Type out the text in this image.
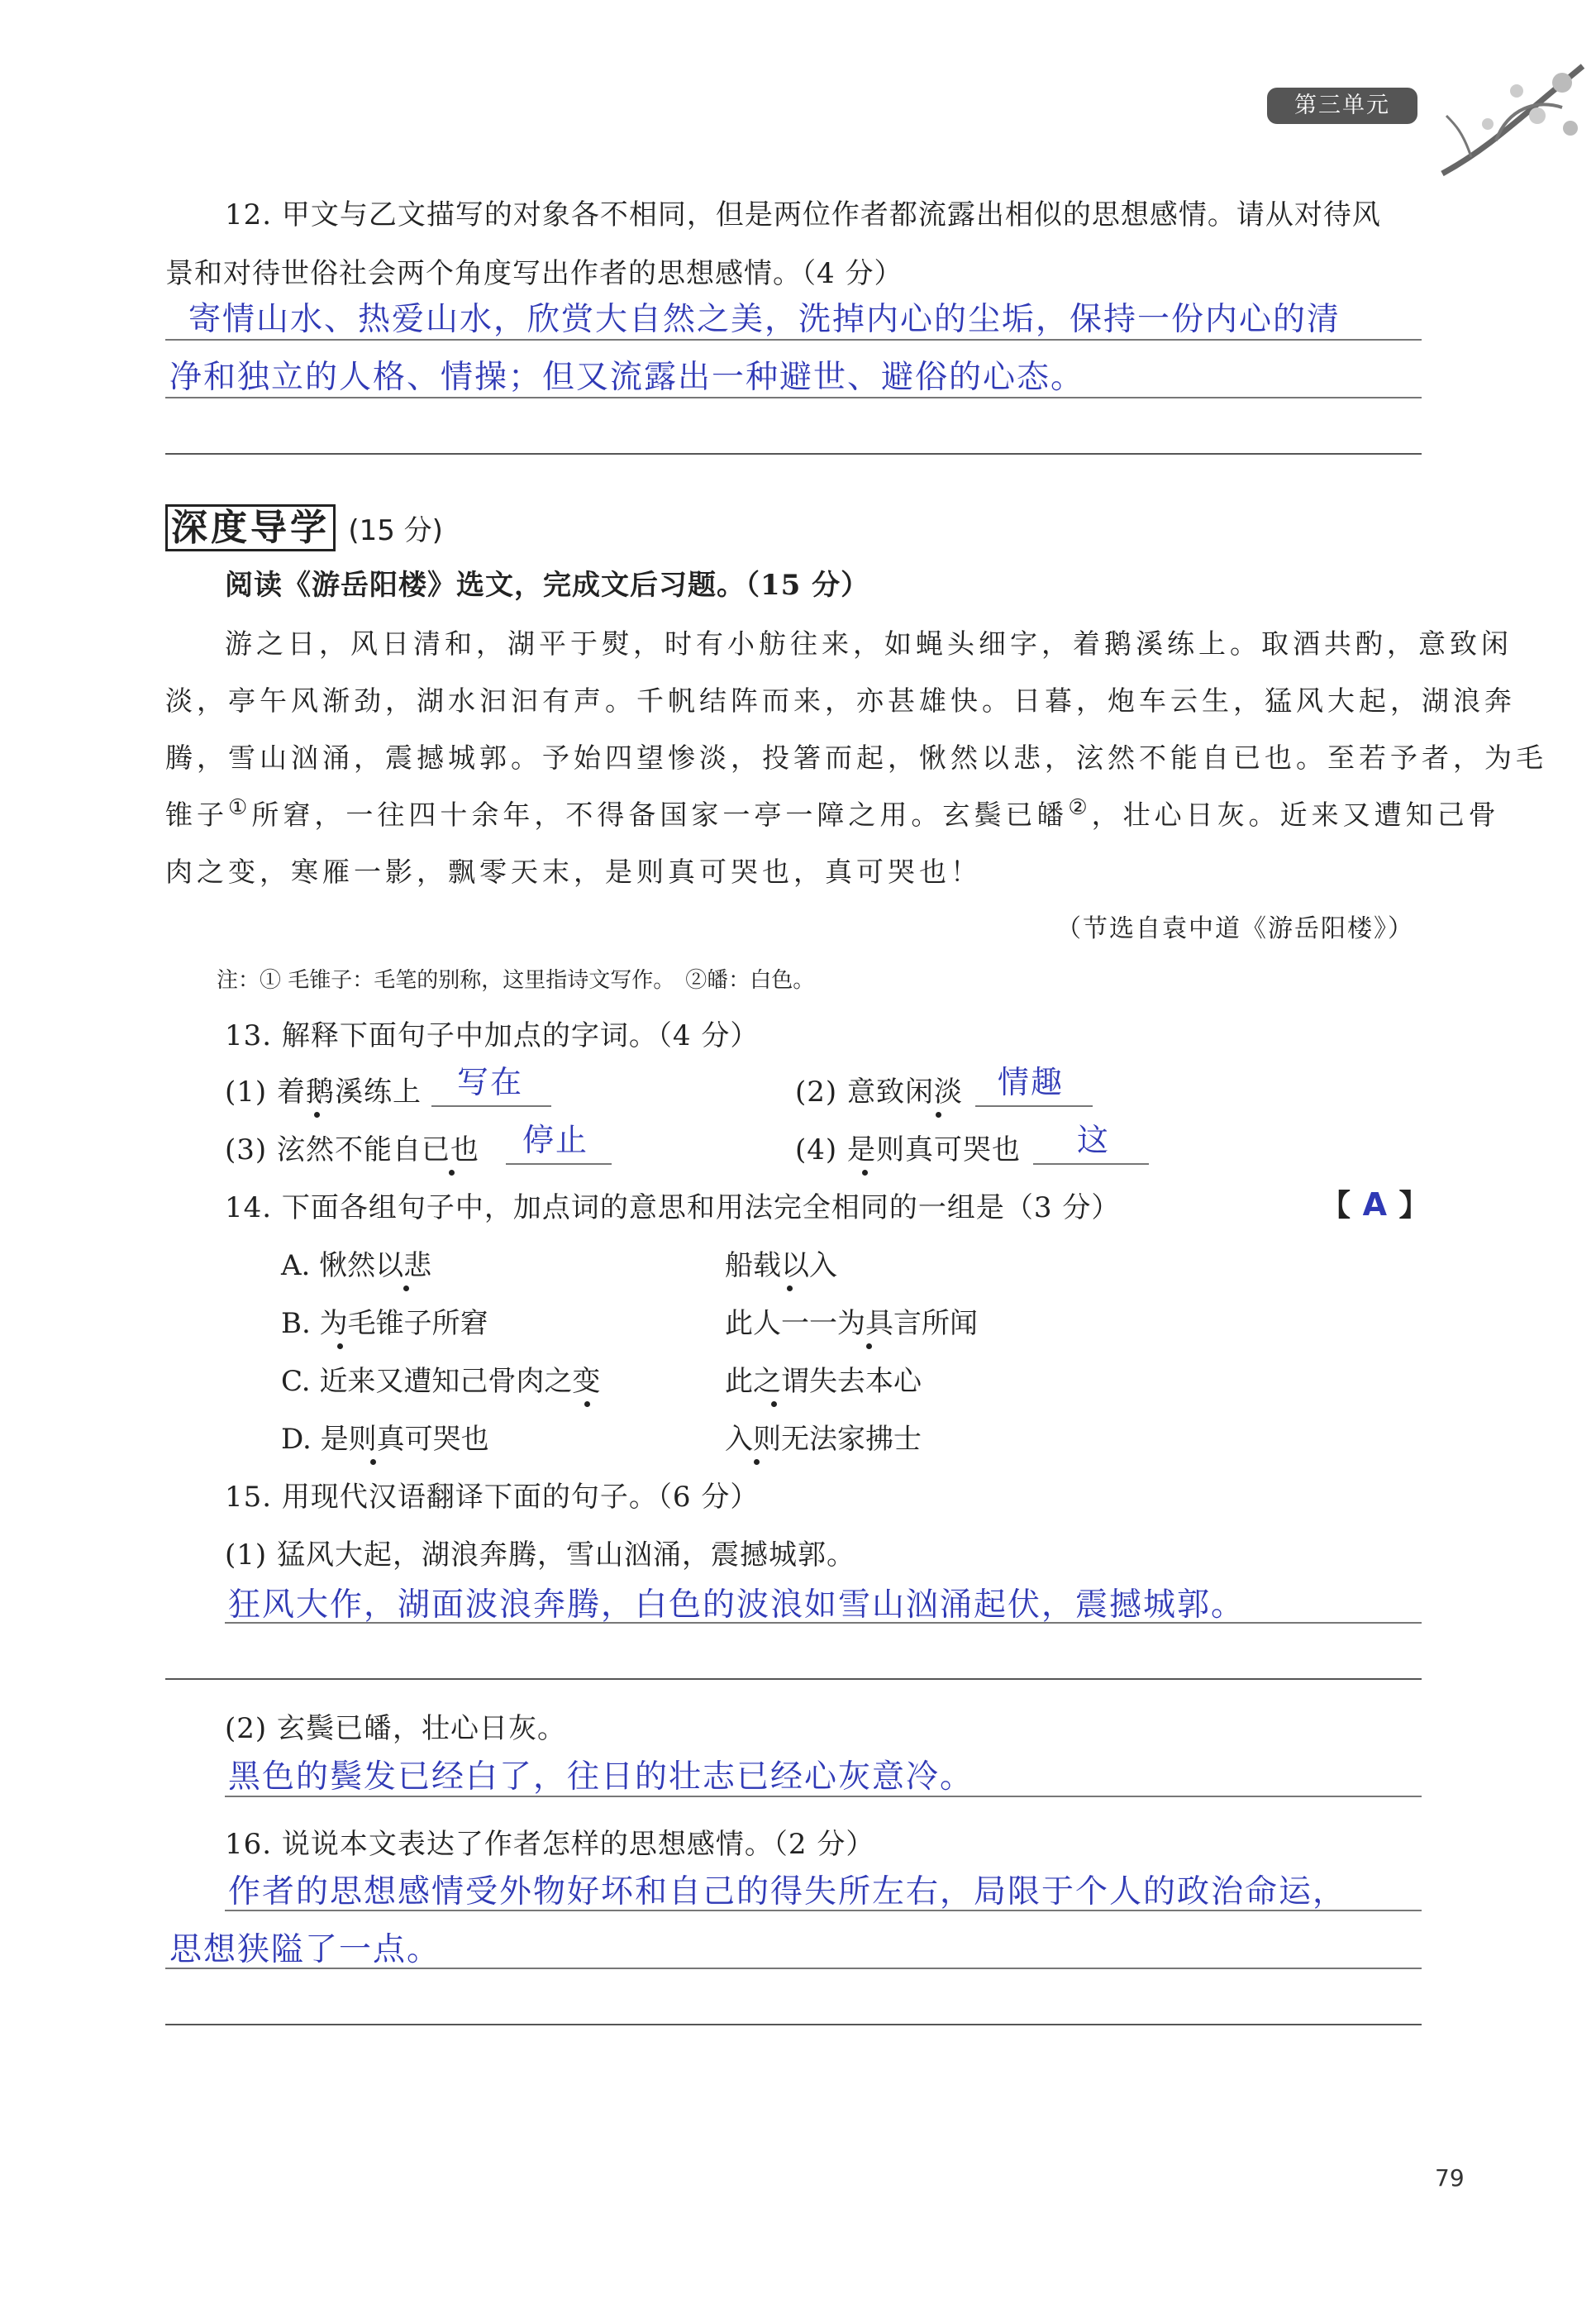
第三单元
12. 甲文与乙文描写的对象各不相同，但是两位作者都流露出相似的思想感情。请从对待风
景和对待世俗社会两个角度写出作者的思想感情。（4 分）
寄情山水、热爱山水，欣赏大自然之美，洗掉内心的尘垢，保持一份内心的清
净和独立的人格、情操；但又流露出一种避世、避俗的心态。
深度导学 (15 分)
阅读《游岳阳楼》选文，完成文后习题。（15 分）
游之日，风日清和，湖平于熨，时有小舫往来，如蝇头细字，着鹅溪练上。取酒共酌，意致闲
淡，亭午风渐劲，湖水汩汩有声。千帆结阵而来，亦甚雄快。日暮，炮车云生，猛风大起，湖浪奔
腾，雪山汹涌，震撼城郭。予始四望惨淡，投箸而起，愀然以悲，泫然不能自已也。至若予者，为毛
锥子①所窘，一往四十余年，不得备国家一亭一障之用。玄鬓已皤②，壮心日灰。近来又遭知己骨
肉之变，寒雁一影，飘零天末，是则真可哭也，真可哭也！
（节选自袁中道《游岳阳楼》）
注：① 毛锥子：毛笔的别称，这里指诗文写作。　②皤：白色。
13. 解释下面句子中加点的字词。（4 分）
(1) 着鹅溪练上 写在	(2) 意致闲淡 情趣
(3) 泫然不能自已也 停止	(4) 是则真可哭也 这
14. 下面各组句子中，加点词的意思和用法完全相同的一组是（3 分）	【 A 】
A. 愀然以悲	船载以入
B. 为毛锥子所窘	此人一一为具言所闻
C. 近来又遭知己骨肉之变	此之谓失去本心
D. 是则真可哭也	入则无法家拂士
15. 用现代汉语翻译下面的句子。（6 分）
(1) 猛风大起，湖浪奔腾，雪山汹涌，震撼城郭。
狂风大作，湖面波浪奔腾，白色的波浪如雪山汹涌起伏，震撼城郭。
(2) 玄鬓已皤，壮心日灰。
黑色的鬓发已经白了，往日的壮志已经心灰意冷。
16. 说说本文表达了作者怎样的思想感情。（2 分）
作者的思想感情受外物好坏和自己的得失所左右，局限于个人的政治命运，
思想狭隘了一点。
79
